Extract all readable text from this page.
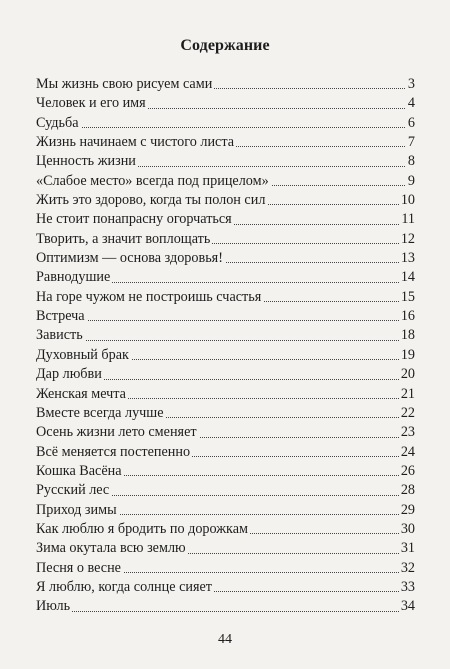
Содержание
Мы жизнь свою рисуем сами	3
Человек и его имя	4
Судьба	6
Жизнь начинаем с чистого листа	7
Ценность жизни	8
«Слабое место» всегда под прицелом»	9
Жить это здорово, когда ты полон сил	10
Не стоит понапрасну огорчаться	11
Творить, а значит воплощать	12
Оптимизм — основа здоровья!	13
Равнодушие	14
На горе чужом не построишь счастья	15
Встреча	16
Зависть	18
Духовный брак	19
Дар любви	20
Женская мечта	21
Вместе всегда лучше	22
Осень жизни лето сменяет	23
Всё меняется постепенно	24
Кошка Васёна	26
Русский лес	28
Приход зимы	29
Как люблю я бродить по дорожкам	30
Зима окутала всю землю	31
Песня о весне	32
Я люблю, когда солнце сияет	33
Июль	34
44
